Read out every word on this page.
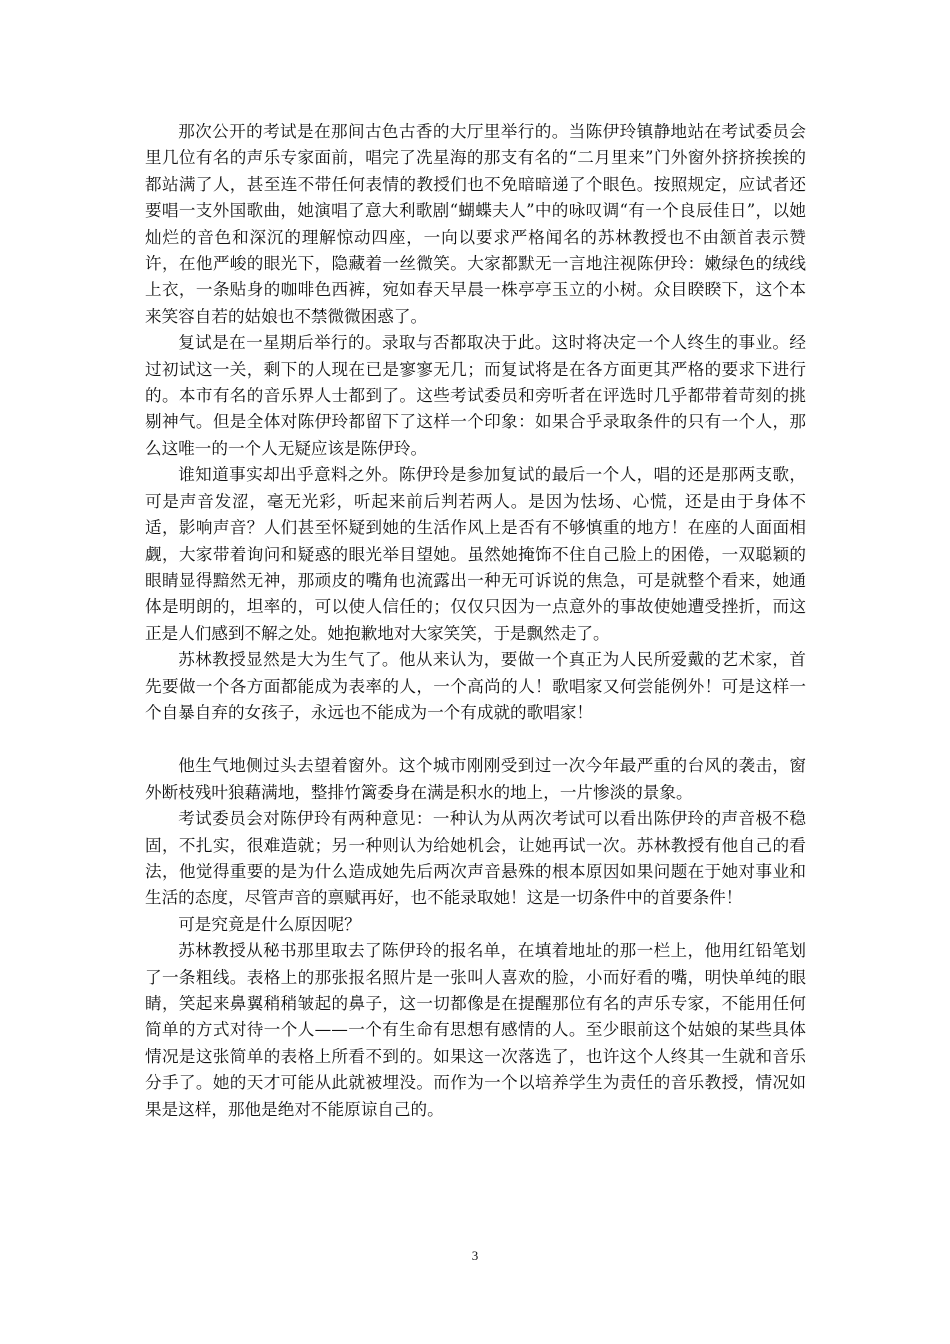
那次公开的考试是在那间古色古香的大厅里举行的。当陈伊玲镇静地站在考试委员会里几位有名的声乐专家面前，唱完了冼星海的那支有名的“二月里来”门外窗外挤挤挨挨的都站满了人，甚至连不带任何表情的教授们也不免暗暗递了个眼色。按照规定，应试者还要唱一支外国歌曲，她演唱了意大利歌剧“蝴蝶夫人”中的咏叹调“有一个良辰佳日”，以她灿烂的音色和深沉的理解惊动四座，一向以要求严格闻名的苏林教授也不由颔首表示赞许，在他严峻的眼光下，隐藏着一丝微笑。大家都默无一言地注视陈伊玲：嫩绿色的绒线上衣，一条贴身的咖啡色西裤，宛如春天早晨一株亭亭玉立的小树。众目睽睽下，这个本来笑容自若的姑娘也不禁微微困惑了。

复试是在一星期后举行的。录取与否都取决于此。这时将决定一个人终生的事业。经过初试这一关，剩下的人现在已是寥寥无几；而复试将是在各方面更其严格的要求下进行的。本市有名的音乐界人士都到了。这些考试委员和旁听者在评选时几乎都带着苛刻的挑剔神气。但是全体对陈伊玲都留下了这样一个印象：如果合乎录取条件的只有一个人，那么这唯一的一个人无疑应该是陈伊玲。

谁知道事实却出乎意料之外。陈伊玲是参加复试的最后一个人，唱的还是那两支歌，可是声音发涩，毫无光彩，听起来前后判若两人。是因为怯场、心慌，还是由于身体不适，影响声音？人们甚至怀疑到她的生活作风上是否有不够慎重的地方！在座的人面面相觑，大家带着询问和疑惑的眼光举目望她。虽然她掩饰不住自己脸上的困倦，一双聪颖的眼睛显得黯然无神，那顽皮的嘴角也流露出一种无可诉说的焦急，可是就整个看来，她通体是明朗的，坦率的，可以使人信任的；仅仅只因为一点意外的事故使她遭受挫折，而这正是人们感到不解之处。她抱歉地对大家笑笑，于是飘然走了。

苏林教授显然是大为生气了。他从来认为，要做一个真正为人民所爱戴的艺术家，首先要做一个各方面都能成为表率的人，一个高尚的人！歌唱家又何尝能例外！可是这样一个自暴自弃的女孩子，永远也不能成为一个有成就的歌唱家！

他生气地侧过头去望着窗外。这个城市刚刚受到过一次今年最严重的台风的袭击，窗外断枝残叶狼藉满地，整排竹篱委身在满是积水的地上，一片惨淡的景象。

考试委员会对陈伊玲有两种意见：一种认为从两次考试可以看出陈伊玲的声音极不稳固，不扎实，很难造就；另一种则认为给她机会，让她再试一次。苏林教授有他自己的看法，他觉得重要的是为什么造成她先后两次声音悬殊的根本原因如果问题在于她对事业和生活的态度，尽管声音的禀赋再好，也不能录取她！这是一切条件中的首要条件！

可是究竟是什么原因呢？

苏林教授从秘书那里取去了陈伊玲的报名单，在填着地址的那一栏上，他用红铅笔划了一条粗线。表格上的那张报名照片是一张叫人喜欢的脸，小而好看的嘴，明快单纯的眼睛，笑起来鼻翼稍稍皱起的鼻子，这一切都像是在提醒那位有名的声乐专家，不能用任何简单的方式对待一个人——一个有生命有思想有感情的人。至少眼前这个姑娘的某些具体情况是这张简单的表格上所看不到的。如果这一次落选了，也许这个人终其一生就和音乐分手了。她的天才可能从此就被埋没。而作为一个以培养学生为责任的音乐教授，情况如果是这样，那他是绝对不能原谅自己的。

3
